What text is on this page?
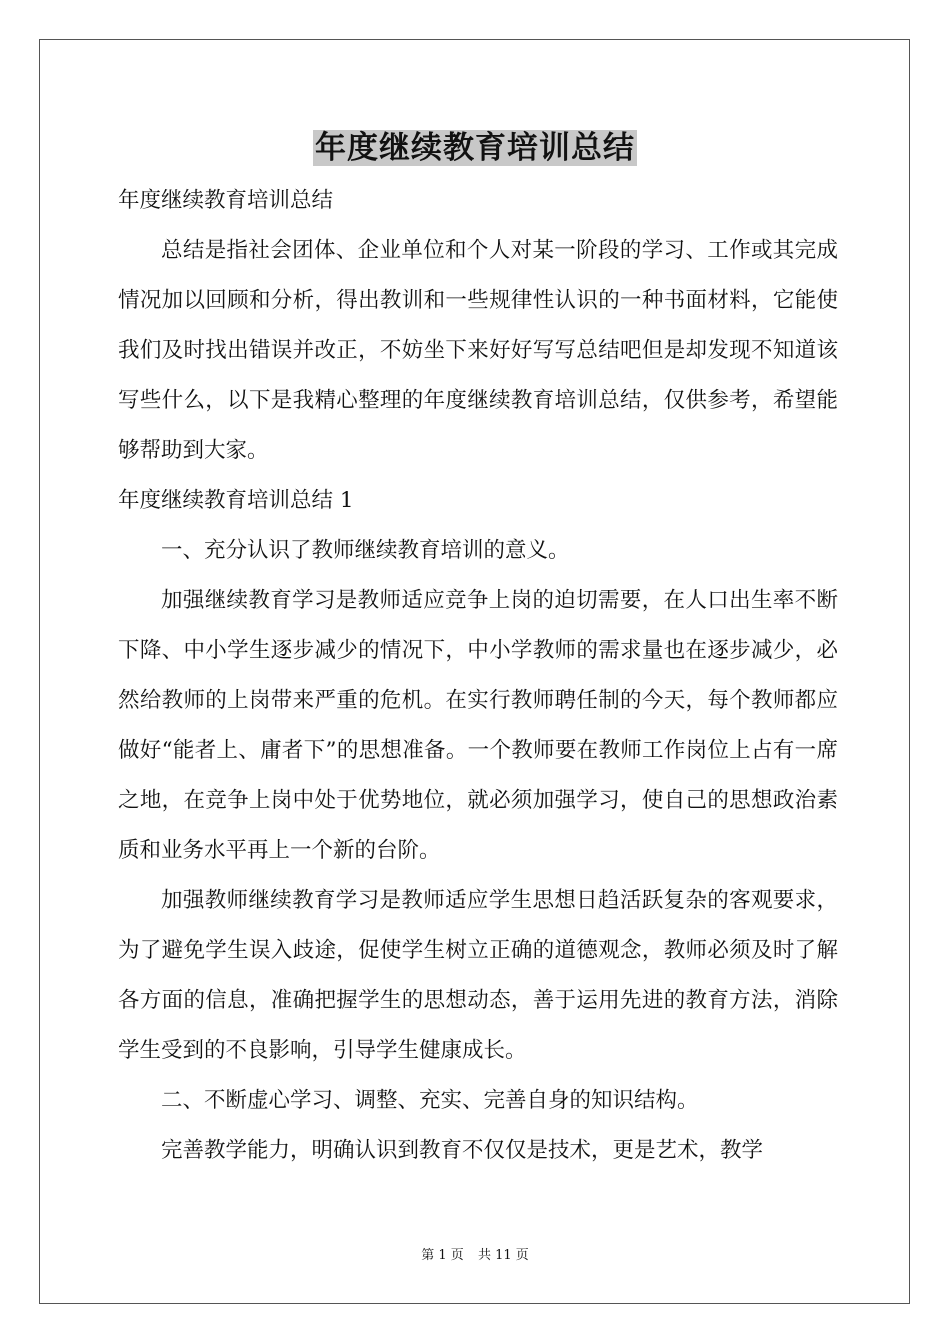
年度继续教育培训总结

年度继续教育培训总结

总结是指社会团体、企业单位和个人对某一阶段的学习、工作或其完成情况加以回顾和分析，得出教训和一些规律性认识的一种书面材料，它能使我们及时找出错误并改正，不妨坐下来好好写写总结吧但是却发现不知道该写些什么，以下是我精心整理的年度继续教育培训总结，仅供参考，希望能够帮助到大家。

年度继续教育培训总结 1

一、充分认识了教师继续教育培训的意义。

加强继续教育学习是教师适应竞争上岗的迫切需要，在人口出生率不断下降、中小学生逐步减少的情况下，中小学教师的需求量也在逐步减少，必然给教师的上岗带来严重的危机。在实行教师聘任制的今天，每个教师都应做好“能者上、庸者下”的思想准备。一个教师要在教师工作岗位上占有一席之地，在竞争上岗中处于优势地位，就必须加强学习，使自己的思想政治素质和业务水平再上一个新的台阶。

加强教师继续教育学习是教师适应学生思想日趋活跃复杂的客观要求，为了避免学生误入歧途，促使学生树立正确的道德观念，教师必须及时了解各方面的信息，准确把握学生的思想动态，善于运用先进的教育方法，消除学生受到的不良影响，引导学生健康成长。

二、不断虚心学习、调整、充实、完善自身的知识结构。

完善教学能力，明确认识到教育不仅仅是技术，更是艺术，教学

第 1 页 共 11 页
